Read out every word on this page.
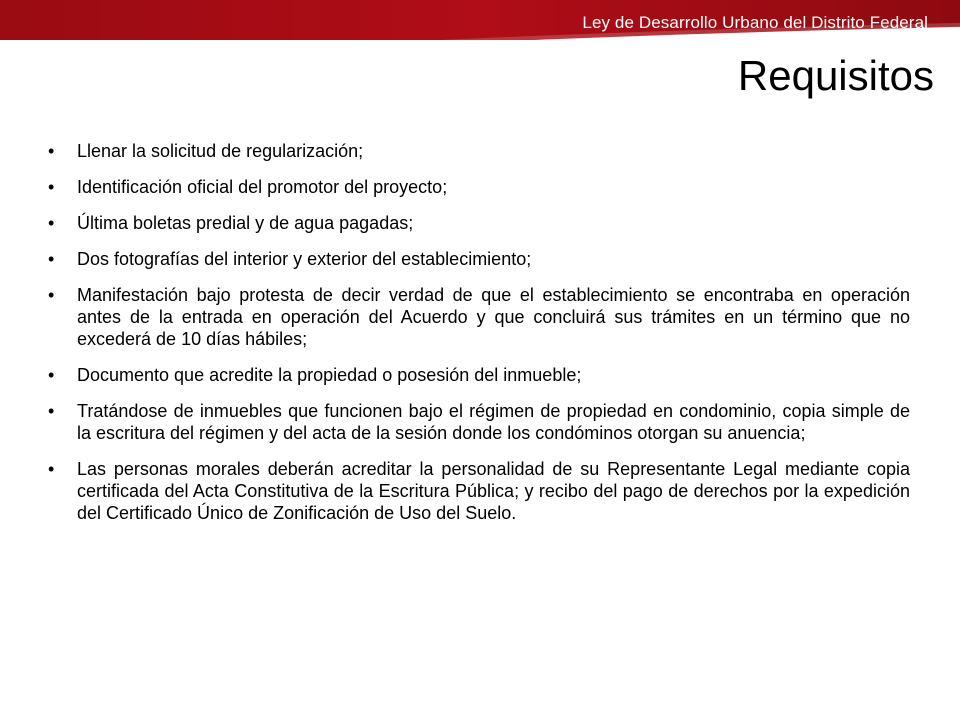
Ley de Desarrollo Urbano del Distrito Federal
Requisitos
• Llenar la solicitud de regularización;
• Identificación oficial del promotor del proyecto;
• Última boletas predial y de agua pagadas;
• Dos fotografías del interior y exterior del establecimiento;
• Manifestación bajo protesta de decir verdad de que el establecimiento se encontraba en operación antes de la entrada en operación del Acuerdo y que concluirá sus trámites en un término que no excederá de 10 días hábiles;
• Documento que acredite la propiedad o posesión del inmueble;
• Tratándose de inmuebles que funcionen bajo el régimen de propiedad en condominio, copia simple de la escritura del régimen y del acta de la sesión donde los condóminos otorgan su anuencia;
• Las personas morales deberán acreditar la personalidad de su Representante Legal mediante copia certificada del Acta Constitutiva de la Escritura Pública; y recibo del pago de derechos por la expedición del Certificado Único de Zonificación de Uso del Suelo.
